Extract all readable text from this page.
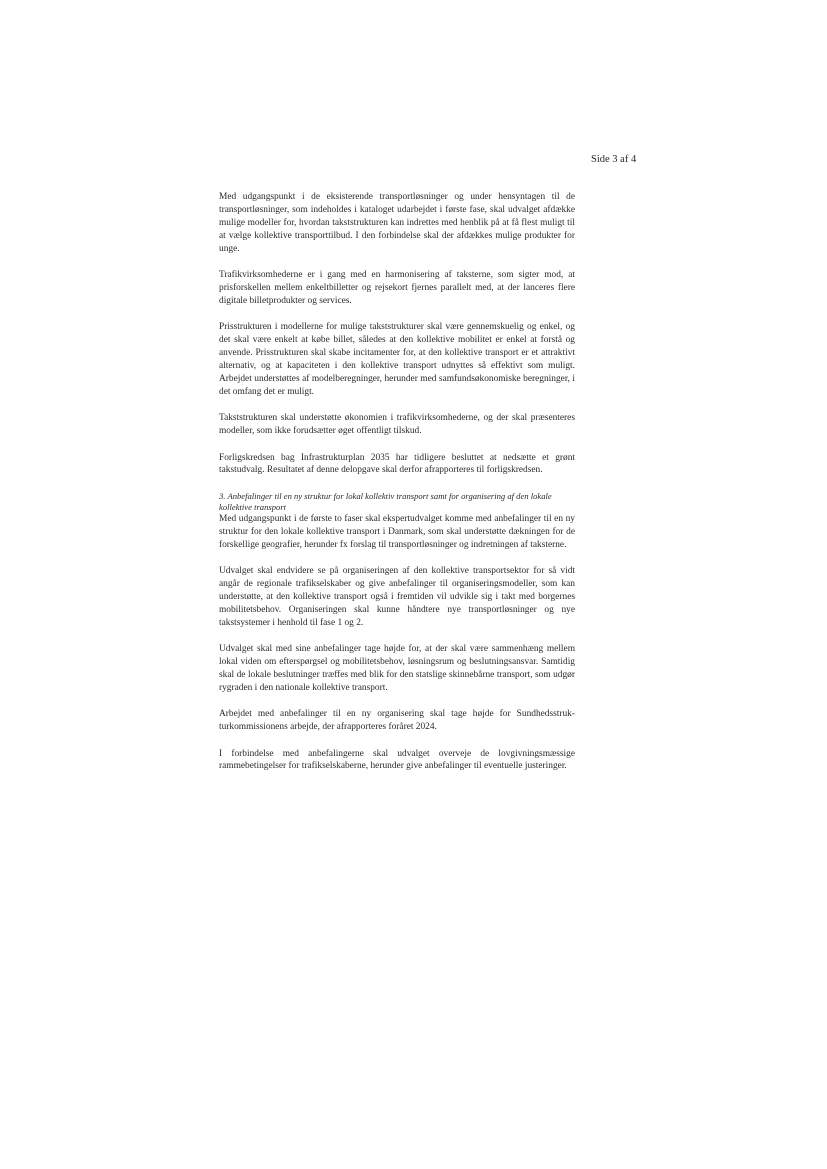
Side 3 af 4

Med udgangspunkt i de eksisterende transportløsninger og under hensyntagen til de transportløsninger, som indeholdes i kataloget udarbejdet i første fase, skal udvalget afdække mulige modeller for, hvordan takststrukturen kan indrettes med henblik på at få flest muligt til at vælge kollektive transporttilbud. I den forbindelse skal der afdækkes mulige produkter for unge.

Trafikvirksomhederne er i gang med en harmonisering af taksterne, som sigter mod, at prisforskellen mellem enkeltbilletter og rejsekort fjernes parallelt med, at der lanceres flere digitale billetprodukter og services.

Prisstrukturen i modellerne for mulige takststrukturer skal være gennemskuelig og enkel, og det skal være enkelt at købe billet, således at den kollektive mobilitet er enkel at forstå og anvende. Prisstrukturen skal skabe incitamenter for, at den kollektive transport er et attraktivt alternativ, og at kapaciteten i den kollektive transport udnyttes så effektivt som muligt. Arbejdet understøttes af modelberegninger, herunder med samfundsøkonomiske beregninger, i det omfang det er muligt.

Takststrukturen skal understøtte økonomien i trafikvirksomhederne, og der skal præsenteres modeller, som ikke forudsætter øget offentligt tilskud.

Forligskredsen bag Infrastrukturplan 2035 har tidligere besluttet at nedsætte et grønt takstudvalg. Resultatet af denne delopgave skal derfor afrapporteres til forligskredsen.

3. Anbefalinger til en ny struktur for lokal kollektiv transport samt for organisering af den lokale kollektive transport

Med udgangspunkt i de første to faser skal ekspertudvalget komme med anbefalinger til en ny struktur for den lokale kollektive transport i Danmark, som skal understøtte dækningen for de forskellige geografier, herunder fx forslag til transportløsninger og indretningen af taksterne.

Udvalget skal endvidere se på organiseringen af den kollektive transportsektor for så vidt angår de regionale trafikselskaber og give anbefalinger til organiseringsmodeller, som kan understøtte, at den kollektive transport også i fremtiden vil udvikle sig i takt med borgernes mobilitetsbehov. Organiseringen skal kunne håndtere nye transportløsninger og nye takstsystemer i henhold til fase 1 og 2.

Udvalget skal med sine anbefalinger tage højde for, at der skal være sammenhæng mellem lokal viden om efterspørgsel og mobilitetsbehov, løsningsrum og beslutningsansvar. Samtidig skal de lokale beslutninger træffes med blik for den statslige skinnebårne transport, som udgør rygraden i den nationale kollektive transport.

Arbejdet med anbefalinger til en ny organisering skal tage højde for Sundhedsstrukturkommissionens arbejde, der afrapporteres foråret 2024.

I forbindelse med anbefalingerne skal udvalget overveje de lovgivningsmæssige rammebetingelser for trafikselskaberne, herunder give anbefalinger til eventuelle justeringer.
